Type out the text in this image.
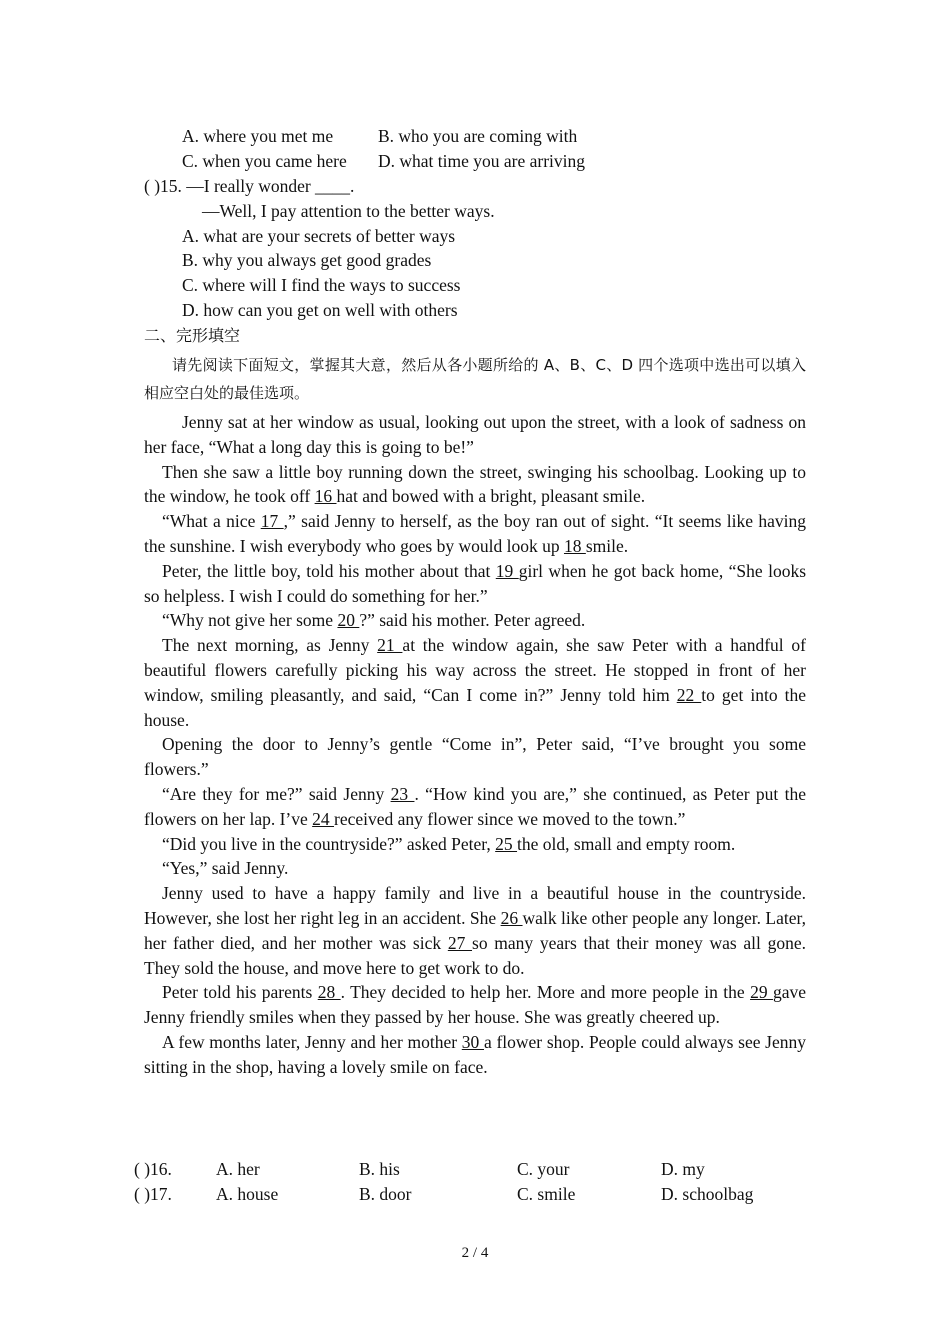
A. where you met me	B. who you are coming with
C. when you came here D. what time you are arriving
( )15. —I really wonder ____.
—Well, I pay attention to the better ways.
A. what are your secrets of better ways
B. why you always get good grades
C. where will I find the ways to success
D. how can you get on well with others
二、完形填空
请先阅读下面短文，掌握其大意，然后从各小题所给的 A、B、C、D 四个选项中选出可以填入相应空白处的最佳选项。

Jenny sat at her window as usual, looking out upon the street, with a look of sadness on her face, “What a long day this is going to be!”

Then she saw a little boy running down the street, swinging his schoolbag. Looking up to the window, he took off 16 hat and bowed with a bright, pleasant smile.

“What a nice 17 ,” said Jenny to herself, as the boy ran out of sight. “It seems like having the sunshine. I wish everybody who goes by would look up 18 smile.

Peter, the little boy, told his mother about that 19 girl when he got back home, “She looks so helpless. I wish I could do something for her.”

“Why not give her some 20 ?” said his mother. Peter agreed.

The next morning, as Jenny 21 at the window again, she saw Peter with a handful of beautiful flowers carefully picking his way across the street. He stopped in front of her window, smiling pleasantly, and said, “Can I come in?” Jenny told him 22 to get into the house.

Opening the door to Jenny’s gentle “Come in”, Peter said, “I’ve brought you some flowers.”

“Are they for me?” said Jenny 23 . “How kind you are,” she continued, as Peter put the flowers on her lap. I’ve 24 received any flower since we moved to the town.”

“Did you live in the countryside?” asked Peter, 25 the old, small and empty room.

“Yes,” said Jenny.

Jenny used to have a happy family and live in a beautiful house in the countryside. However, she lost her right leg in an accident. She 26 walk like other people any longer. Later, her father died, and her mother was sick 27 so many years that their money was all gone. They sold the house, and move here to get work to do.

Peter told his parents 28 . They decided to help her. More and more people in the 29 gave Jenny friendly smiles when they passed by her house. She was greatly cheered up.

A few months later, Jenny and her mother 30 a flower shop. People could always see Jenny sitting in the shop, having a lovely smile on face.

( )16.	A. her	B. his	C. your	D. my
( )17.	A. house	B. door	C. smile	D. schoolbag
2 / 4
